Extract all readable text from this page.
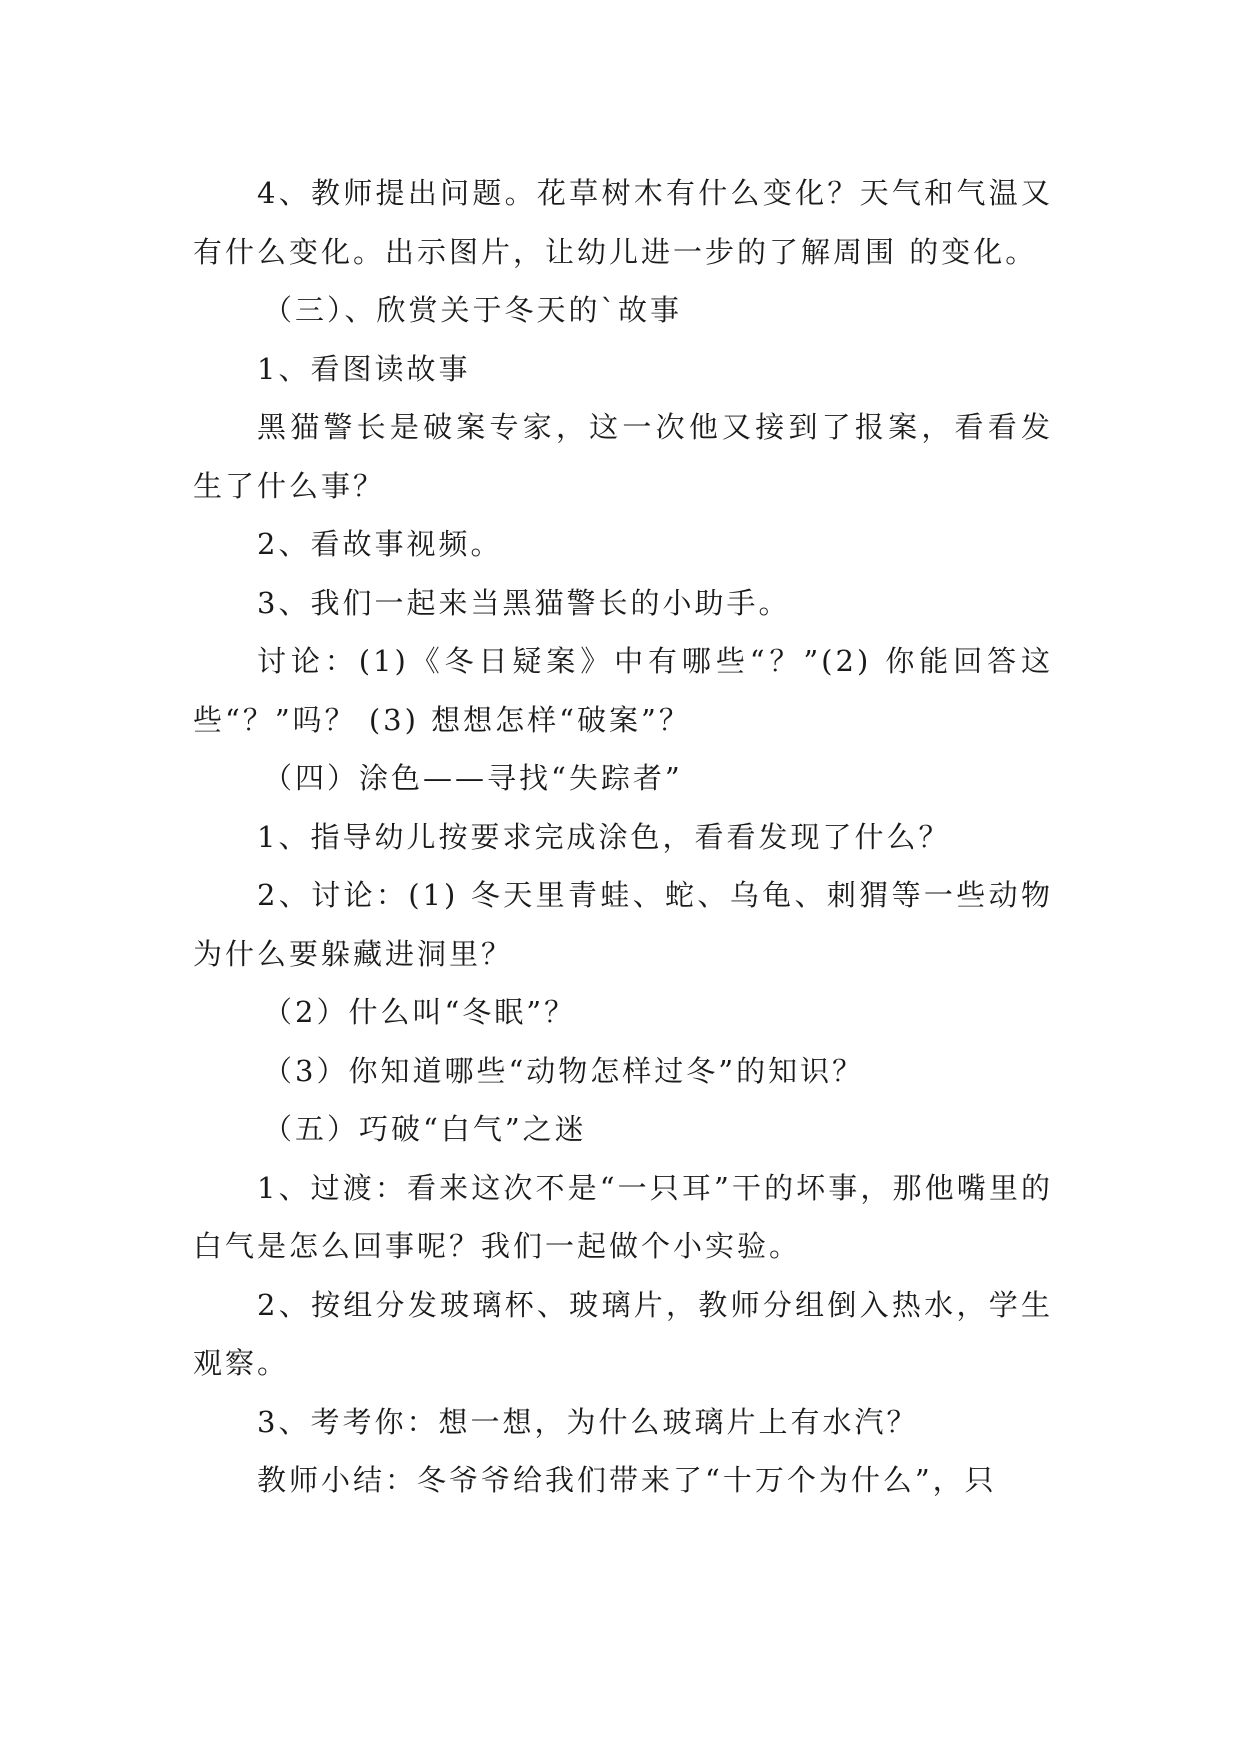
4、教师提出问题。花草树木有什么变化？天气和气温又有什么变化。出示图片，让幼儿进一步的了解周围 的变化。

（三）、欣赏关于冬天的`故事

1、看图读故事

黑猫警长是破案专家，这一次他又接到了报案，看看发生了什么事？

2、看故事视频。

3、我们一起来当黑猫警长的小助手。

讨论：(1)《冬日疑案》中有哪些“？”(2) 你能回答这些“？”吗？ (3) 想想怎样“破案”？

（四）涂色——寻找“失踪者”

1、指导幼儿按要求完成涂色，看看发现了什么？

2、讨论：(1) 冬天里青蛙、蛇、乌龟、刺猬等一些动物为什么要躲藏进洞里？

（2）什么叫“冬眠”？

（3）你知道哪些“动物怎样过冬”的知识？

（五）巧破“白气”之迷

1、过渡：看来这次不是“一只耳”干的坏事，那他嘴里的白气是怎么回事呢？我们一起做个小实验。

2、按组分发玻璃杯、玻璃片，教师分组倒入热水，学生观察。

3、考考你：想一想，为什么玻璃片上有水汽？

教师小结：冬爷爷给我们带来了“十万个为什么”，只
